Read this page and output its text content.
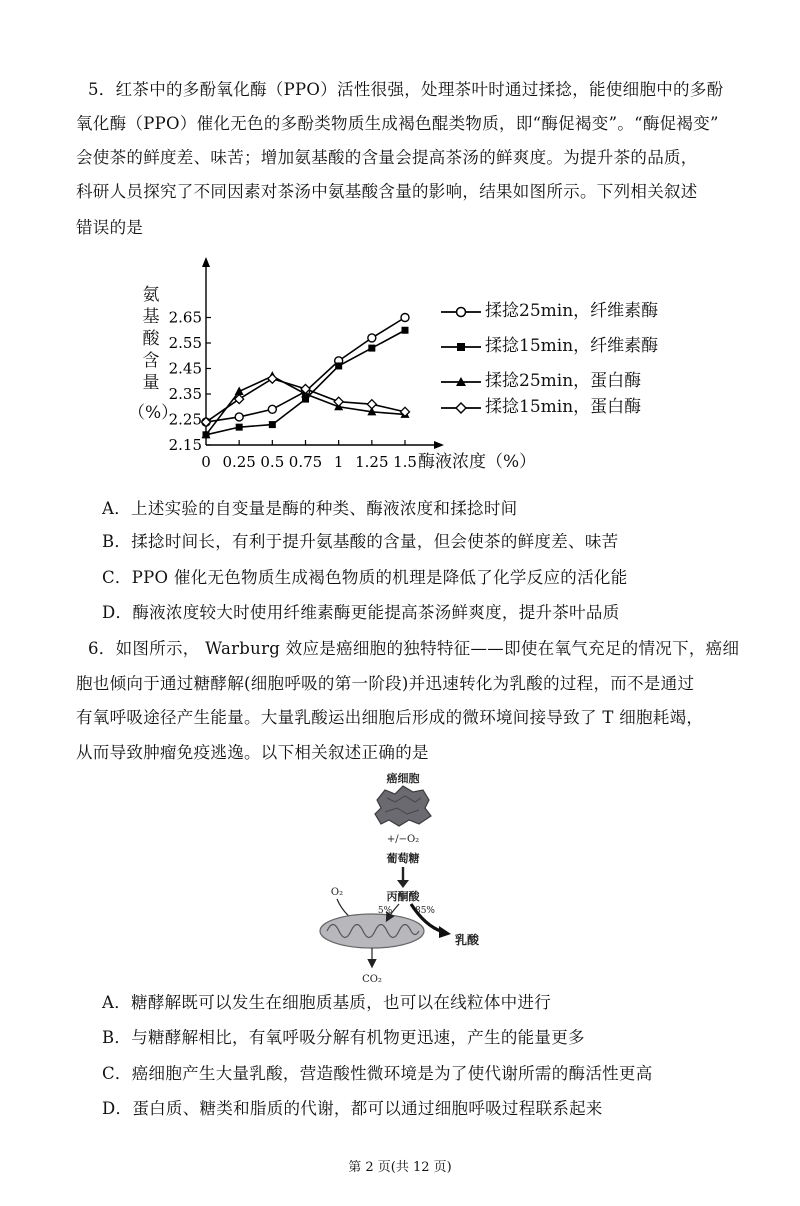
5．红茶中的多酚氧化酶（PPO）活性很强，处理茶叶时通过揉捻，能使细胞中的多酚
氧化酶（PPO）催化无色的多酚类物质生成褐色醌类物质，即“酶促褐变”。“酶促褐变”
会使茶的鲜度差、味苦；增加氨基酸的含量会提高茶汤的鲜爽度。为提升茶的品质，
科研人员探究了不同因素对茶汤中氨基酸含量的影响，结果如图所示。下列相关叙述
错误的是
氨
基
酸
含
量
（%）
2.15
2.25
2.35
2.45
2.55
2.65
0 0.25 0.5 0.75 1 1.25 1.5 酶液浓度（%）
揉捻25min，纤维素酶
揉捻15min，纤维素酶
揉捻25min，蛋白酶
揉捻15min，蛋白酶
A．上述实验的自变量是酶的种类、酶液浓度和揉捻时间
B．揉捻时间长，有利于提升氨基酸的含量，但会使茶的鲜度差、味苦
C．PPO 催化无色物质生成褐色物质的机理是降低了化学反应的活化能
D．酶液浓度较大时使用纤维素酶更能提高茶汤鲜爽度，提升茶叶品质
6．如图所示， Warburg 效应是癌细胞的独特特征——即使在氧气充足的情况下，癌细
胞也倾向于通过糖酵解(细胞呼吸的第一阶段)并迅速转化为乳酸的过程，而不是通过
有氧呼吸途径产生能量。大量乳酸运出细胞后形成的微环境间接导致了 T 细胞耗竭，
从而导致肿瘤免疫逃逸。以下相关叙述正确的是
癌细胞
+/−O₂
葡萄糖
丙酮酸
O₂
5%	85%
乳酸
CO₂
A．糖酵解既可以发生在细胞质基质，也可以在线粒体中进行
B．与糖酵解相比，有氧呼吸分解有机物更迅速，产生的能量更多
C．癌细胞产生大量乳酸，营造酸性微环境是为了使代谢所需的酶活性更高
D．蛋白质、糖类和脂质的代谢，都可以通过细胞呼吸过程联系起来
第 2 页(共 12 页)
